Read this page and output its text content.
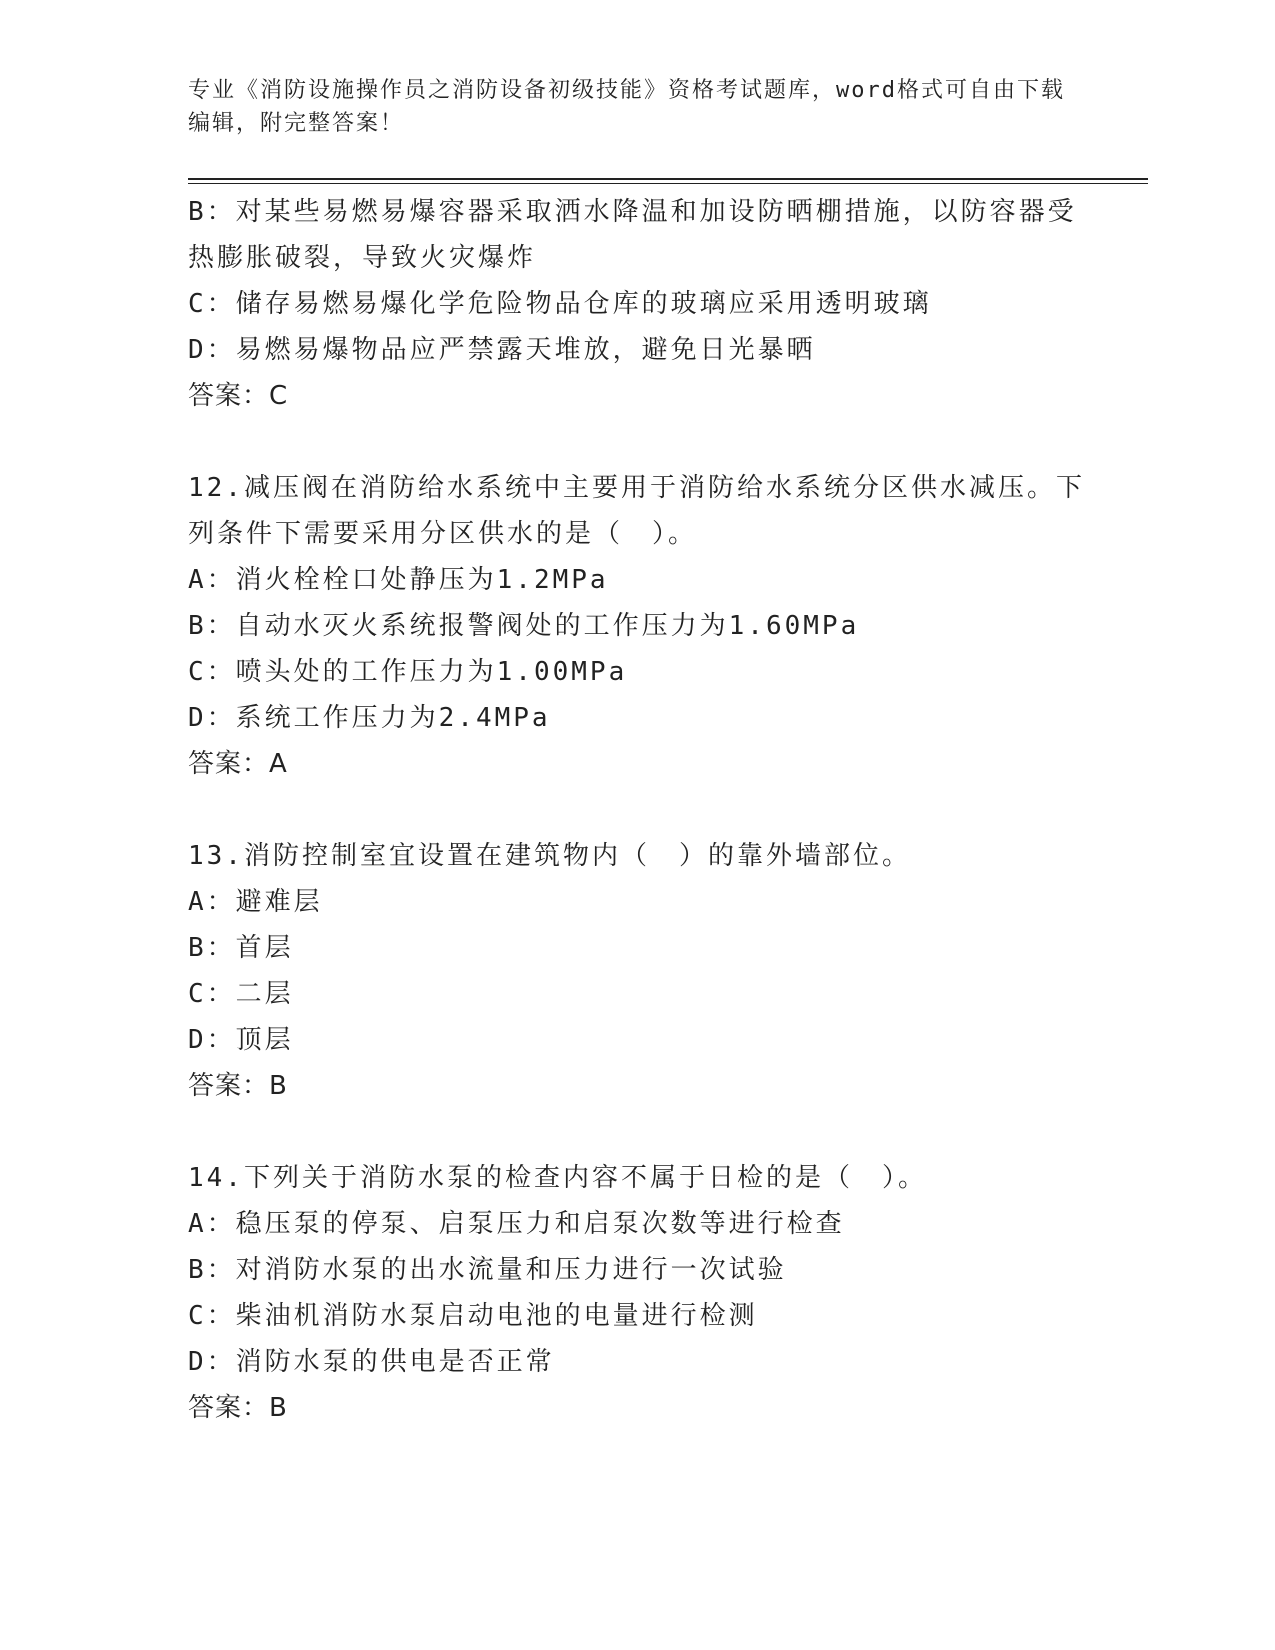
专业《消防设施操作员之消防设备初级技能》资格考试题库，word格式可自由下载编辑，附完整答案！
B：对某些易燃易爆容器采取洒水降温和加设防晒棚措施，以防容器受热膨胀破裂，导致火灾爆炸
C：储存易燃易爆化学危险物品仓库的玻璃应采用透明玻璃
D：易燃易爆物品应严禁露天堆放，避免日光暴晒
答案：C
12.减压阀在消防给水系统中主要用于消防给水系统分区供水减压。下列条件下需要采用分区供水的是（　）。
A：消火栓栓口处静压为1.2MPa
B：自动水灭火系统报警阀处的工作压力为1.60MPa
C：喷头处的工作压力为1.00MPa
D：系统工作压力为2.4MPa
答案：A
13.消防控制室宜设置在建筑物内（　）的靠外墙部位。
A：避难层
B：首层
C：二层
D：顶层
答案：B
14.下列关于消防水泵的检查内容不属于日检的是（　）。
A：稳压泵的停泵、启泵压力和启泵次数等进行检查
B：对消防水泵的出水流量和压力进行一次试验
C：柴油机消防水泵启动电池的电量进行检测
D：消防水泵的供电是否正常
答案：B
